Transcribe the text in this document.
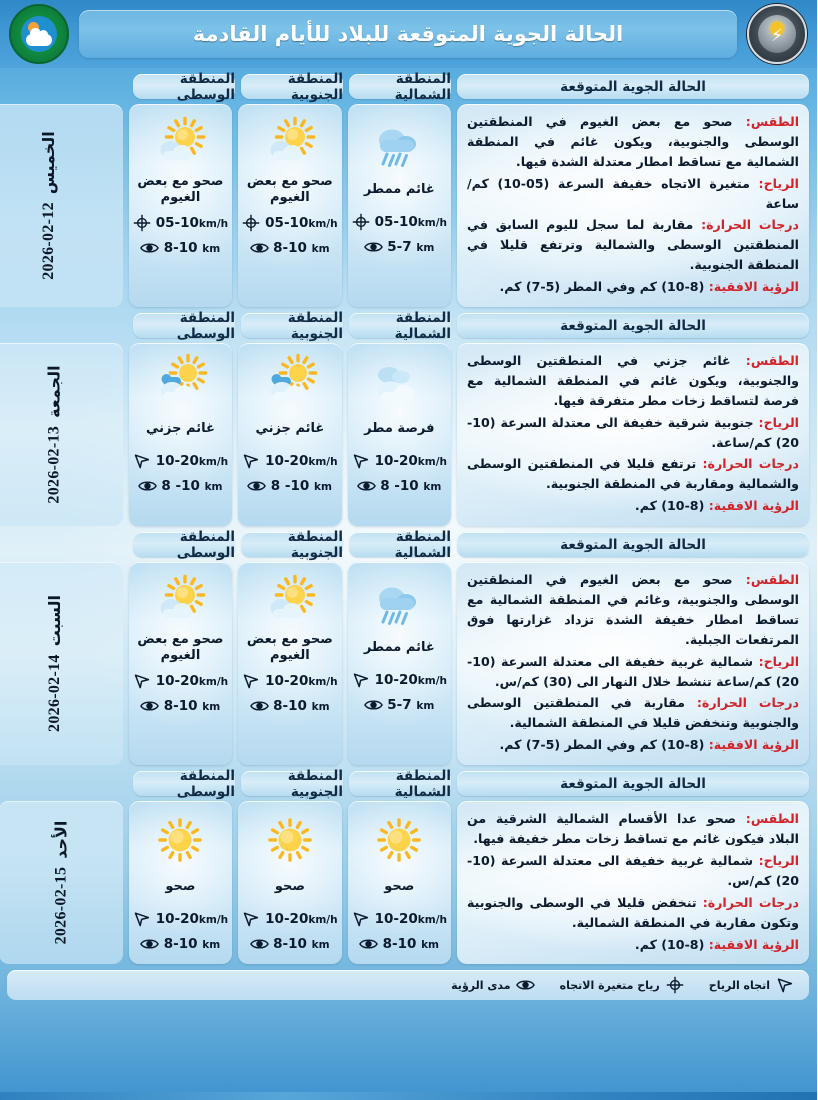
⚡
الحالة الجوية المتوقعة للبلاد للأيام القادمة
الحالة الجوية المتوقعة
المنطقة الشمالية
المنطقة الجنوبية
المنطقة الوسطى

الطقس: صحو مع بعض الغيوم في المنطقتين الوسطى والجنوبية، ويكون غائم في المنطقة الشمالية مع تساقط امطار معتدلة الشدة فيها.

الرياح: متغيرة الاتجاه خفيفة السرعة (05-10) كم/ساعة

درجات الحرارة: مقاربة لما سجل لليوم السابق في المنطقتين الوسطى والشمالية وترتفع قليلا في المنطقة الجنوبية.

الرؤية الافقية: (8-10) كم وفي المطر (5-7) كم.

غائم ممطر
05-10km/h
5-7 km
صحو مع بعض الغيوم
05-10km/h
8-10 km
صحو مع بعض الغيوم
05-10km/h
8-10 km
الخميس
2026-02-12
الحالة الجوية المتوقعة
المنطقة الشمالية
المنطقة الجنوبية
المنطقة الوسطى

الطقس: غائم جزني في المنطقتين الوسطى والجنوبية، ويكون غائم في المنطقة الشمالية مع فرصة لتساقط زخات مطر متفرقة فيها.

الرياح: جنوبية شرقية خفيفة الى معتدلة السرعة (10-20) كم/ساعة.

درجات الحرارة: ترتفع قليلا في المنطقتين الوسطى والشمالية ومقاربة في المنطقة الجنوبية.

الرؤية الافقية: (8-10) كم.

فرصة مطر
10-20km/h
8 -10 km
غائم جزني
10-20km/h
8 -10 km
غائم جزني
10-20km/h
8 -10 km
الجمعة
2026-02-13
الحالة الجوية المتوقعة
المنطقة الشمالية
المنطقة الجنوبية
المنطقة الوسطى

الطقس: صحو مع بعض الغيوم في المنطقتين الوسطى والجنوبية، وغائم في المنطقة الشمالية مع تساقط امطار خفيفة الشدة تزداد غزارتها فوق المرتفعات الجبلية.

الرياح: شمالية غربية خفيفة الى معتدلة السرعة (10-20) كم/ساعة تنشط خلال النهار الى (30) كم/س.

درجات الحرارة: مقاربة في المنطقتين الوسطى والجنوبية وتنخفض قليلا في المنطقة الشمالية.

الرؤية الافقية: (8-10) كم وفي المطر (5-7) كم.

غائم ممطر
10-20km/h
5-7 km
صحو مع بعض الغيوم
10-20km/h
8-10 km
صحو مع بعض الغيوم
10-20km/h
8-10 km
السبت
2026-02-14
الحالة الجوية المتوقعة
المنطقة الشمالية
المنطقة الجنوبية
المنطقة الوسطى

الطقس: صحو عدا الأقسام الشمالية الشرقية من البلاد فيكون غائم مع تساقط زخات مطر خفيفة فيها.

الرياح: شمالية غربية خفيفة الى معتدلة السرعة (10-20) كم/س.

درجات الحرارة: تنخفض قليلا في الوسطى والجنوبية وتكون مقاربة في المنطقة الشمالية.

الرؤية الافقية: (8-10) كم.

صحو
10-20km/h
8-10 km
صحو
10-20km/h
8-10 km
صحو
10-20km/h
8-10 km
الأحد
2026-02-15
اتجاه الرياح
رياح متغيرة الاتجاه
مدى الرؤية
